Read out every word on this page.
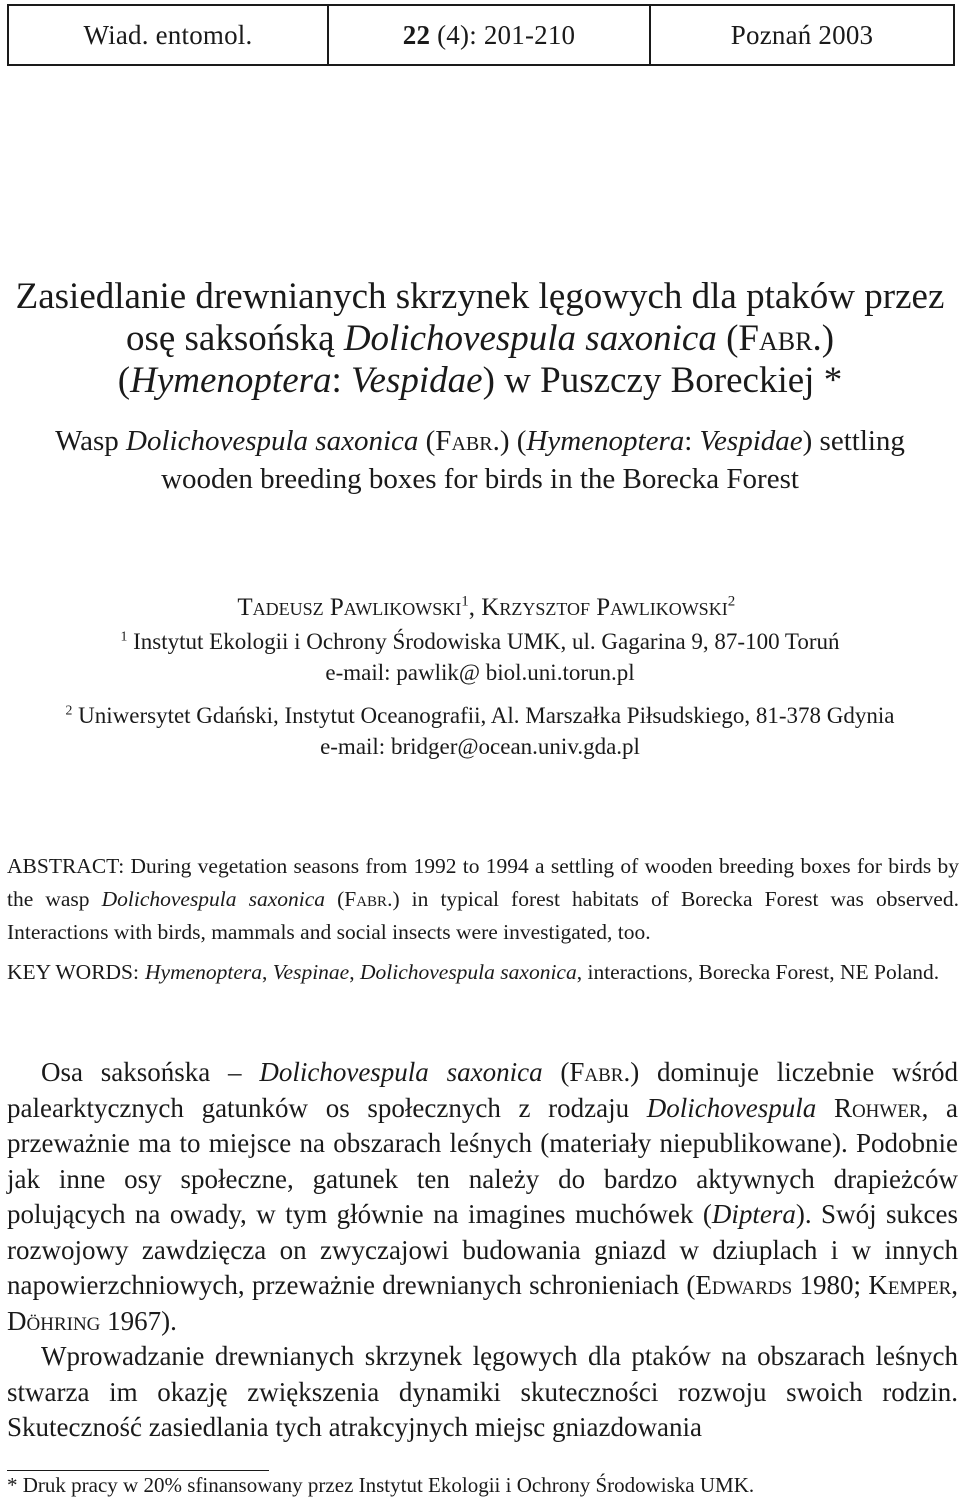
Wiad. entomol.	22 (4): 201-210	Poznań 2003
Zasiedlanie drewnianych skrzynek lęgowych dla ptaków przez
osę saksońską Dolichovespula saxonica (Fabr.)
(Hymenoptera: Vespidae) w Puszczy Boreckiej *
Wasp Dolichovespula saxonica (Fabr.) (Hymenoptera: Vespidae) settling
wooden breeding boxes for birds in the Borecka Forest

Tadeusz Pawlikowski$^1$, Krzysztof Pawlikowski$^2$

$^1$ Instytut Ekologii i Ochrony Środowiska UMK, ul. Gagarina 9, 87-100 Toruń
e-mail: pawlik@ biol.uni.torun.pl
$^2$ Uniwersytet Gdański, Instytut Oceanografii, Al. Marszałka Piłsudskiego, 81-378 Gdynia
e-mail: bridger@ocean.univ.gda.pl
ABSTRACT: During vegetation seasons from 1992 to 1994 a settling of wooden breeding boxes for birds by the wasp Dolichovespula saxonica (Fabr.) in typical forest habitats of Borecka Forest was observed. Interactions with birds, mammals and social insects were investigated, too.
KEY WORDS: Hymenoptera, Vespinae, Dolichovespula saxonica, interactions, Borecka Forest, NE Poland.

Osa saksońska – Dolichovespula saxonica (Fabr.) dominuje liczebnie wśród palearktycznych gatunków os społecznych z rodzaju Dolichovespula Rohwer, a przeważnie ma to miejsce na obszarach leśnych (materiały niepublikowane). Podobnie jak inne osy społeczne, gatunek ten należy do bardzo aktywnych drapieżców polujących na owady, w tym głównie na imagines muchówek (Diptera). Swój sukces rozwojowy zawdzięcza on zwyczajowi budowania gniazd w dziuplach i w innych napowierzchniowych, przeważnie drewnianych schronieniach (Edwards 1980; Kemper, Döhring 1967).

Wprowadzanie drewnianych skrzynek lęgowych dla ptaków na obszarach leśnych stwarza im okazję zwiększenia dynamiki skuteczności rozwoju swoich rodzin. Skuteczność zasiedlania tych atrakcyjnych miejsc gniazdowania

* Druk pracy w 20% sfinansowany przez Instytut Ekologii i Ochrony Środowiska UMK.
